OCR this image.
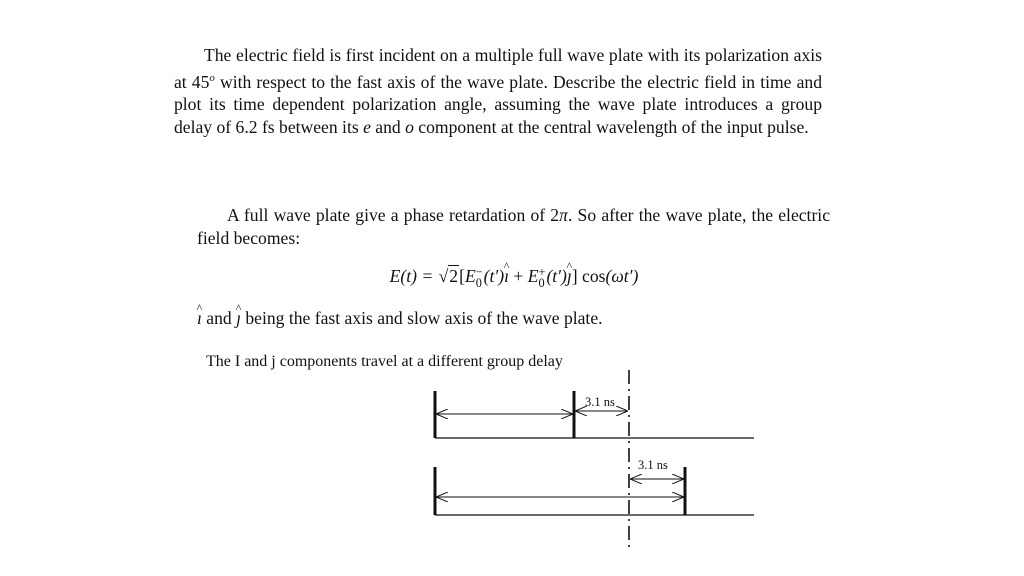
The electric field is first incident on a multiple full wave plate with its polarization axis at 45$^o$ with respect to the fast axis of the wave plate. Describe the electric field in time and plot its time dependent polarization angle, assuming the wave plate introduces a group delay of 6.2 fs between its e and o component at the central wavelength of the input pulse.

A full wave plate give a phase retardation of 2π. So after the wave plate, the electric field becomes:

E(t) = √2[E −
0 (t′)^ ı + E +
0 (t′)^ ȷ] cos(ωt′)

^ ı and ^ ȷ being the fast axis and slow axis of the wave plate.

The I and j components travel at a different group delay
3.1 ns
3.1 ns
